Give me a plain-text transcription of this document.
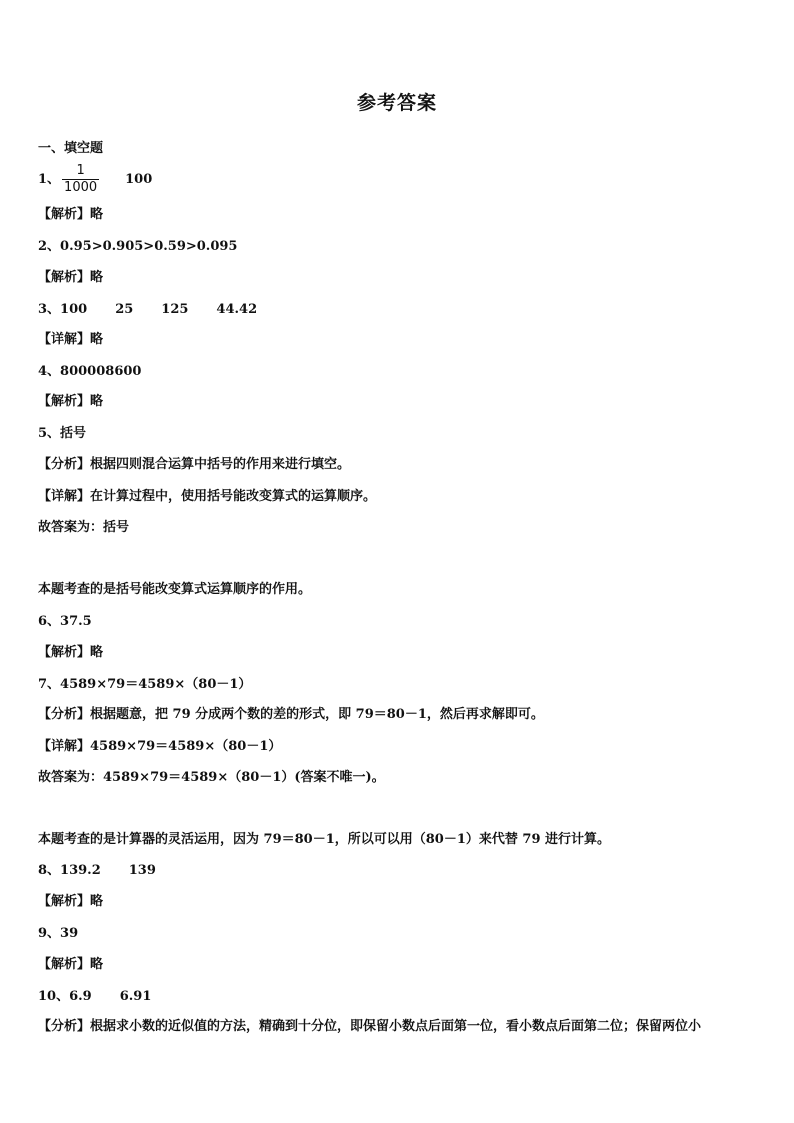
参考答案
一、填空题
1、 $\frac{1}{1000} 100$
【解析】略
2、0.95>0.905>0.59>0.095
【解析】略
3、100 25 125 44.42
【详解】略
4、800008600
【解析】略
5、括号
【分析】根据四则混合运算中括号的作用来进行填空。
【详解】在计算过程中，使用括号能改变算式的运算顺序。
故答案为：括号
本题考查的是括号能改变算式运算顺序的作用。
6、37.5
【解析】略
7、4589×79＝4589×（80－1）
【分析】根据题意，把 79 分成两个数的差的形式，即 79＝80－1，然后再求解即可。
【详解】4589×79＝4589×（80－1）
故答案为：4589×79＝4589×（80－1）(答案不唯一)。
本题考查的是计算器的灵活运用，因为 79＝80－1，所以可以用（80－1）来代替 79 进行计算。
8、139.2 139
【解析】略
9、39
【解析】略
10、6.9 6.91
【分析】根据求小数的近似值的方法，精确到十分位，即保留小数点后面第一位，看小数点后面第二位；保留两位小
